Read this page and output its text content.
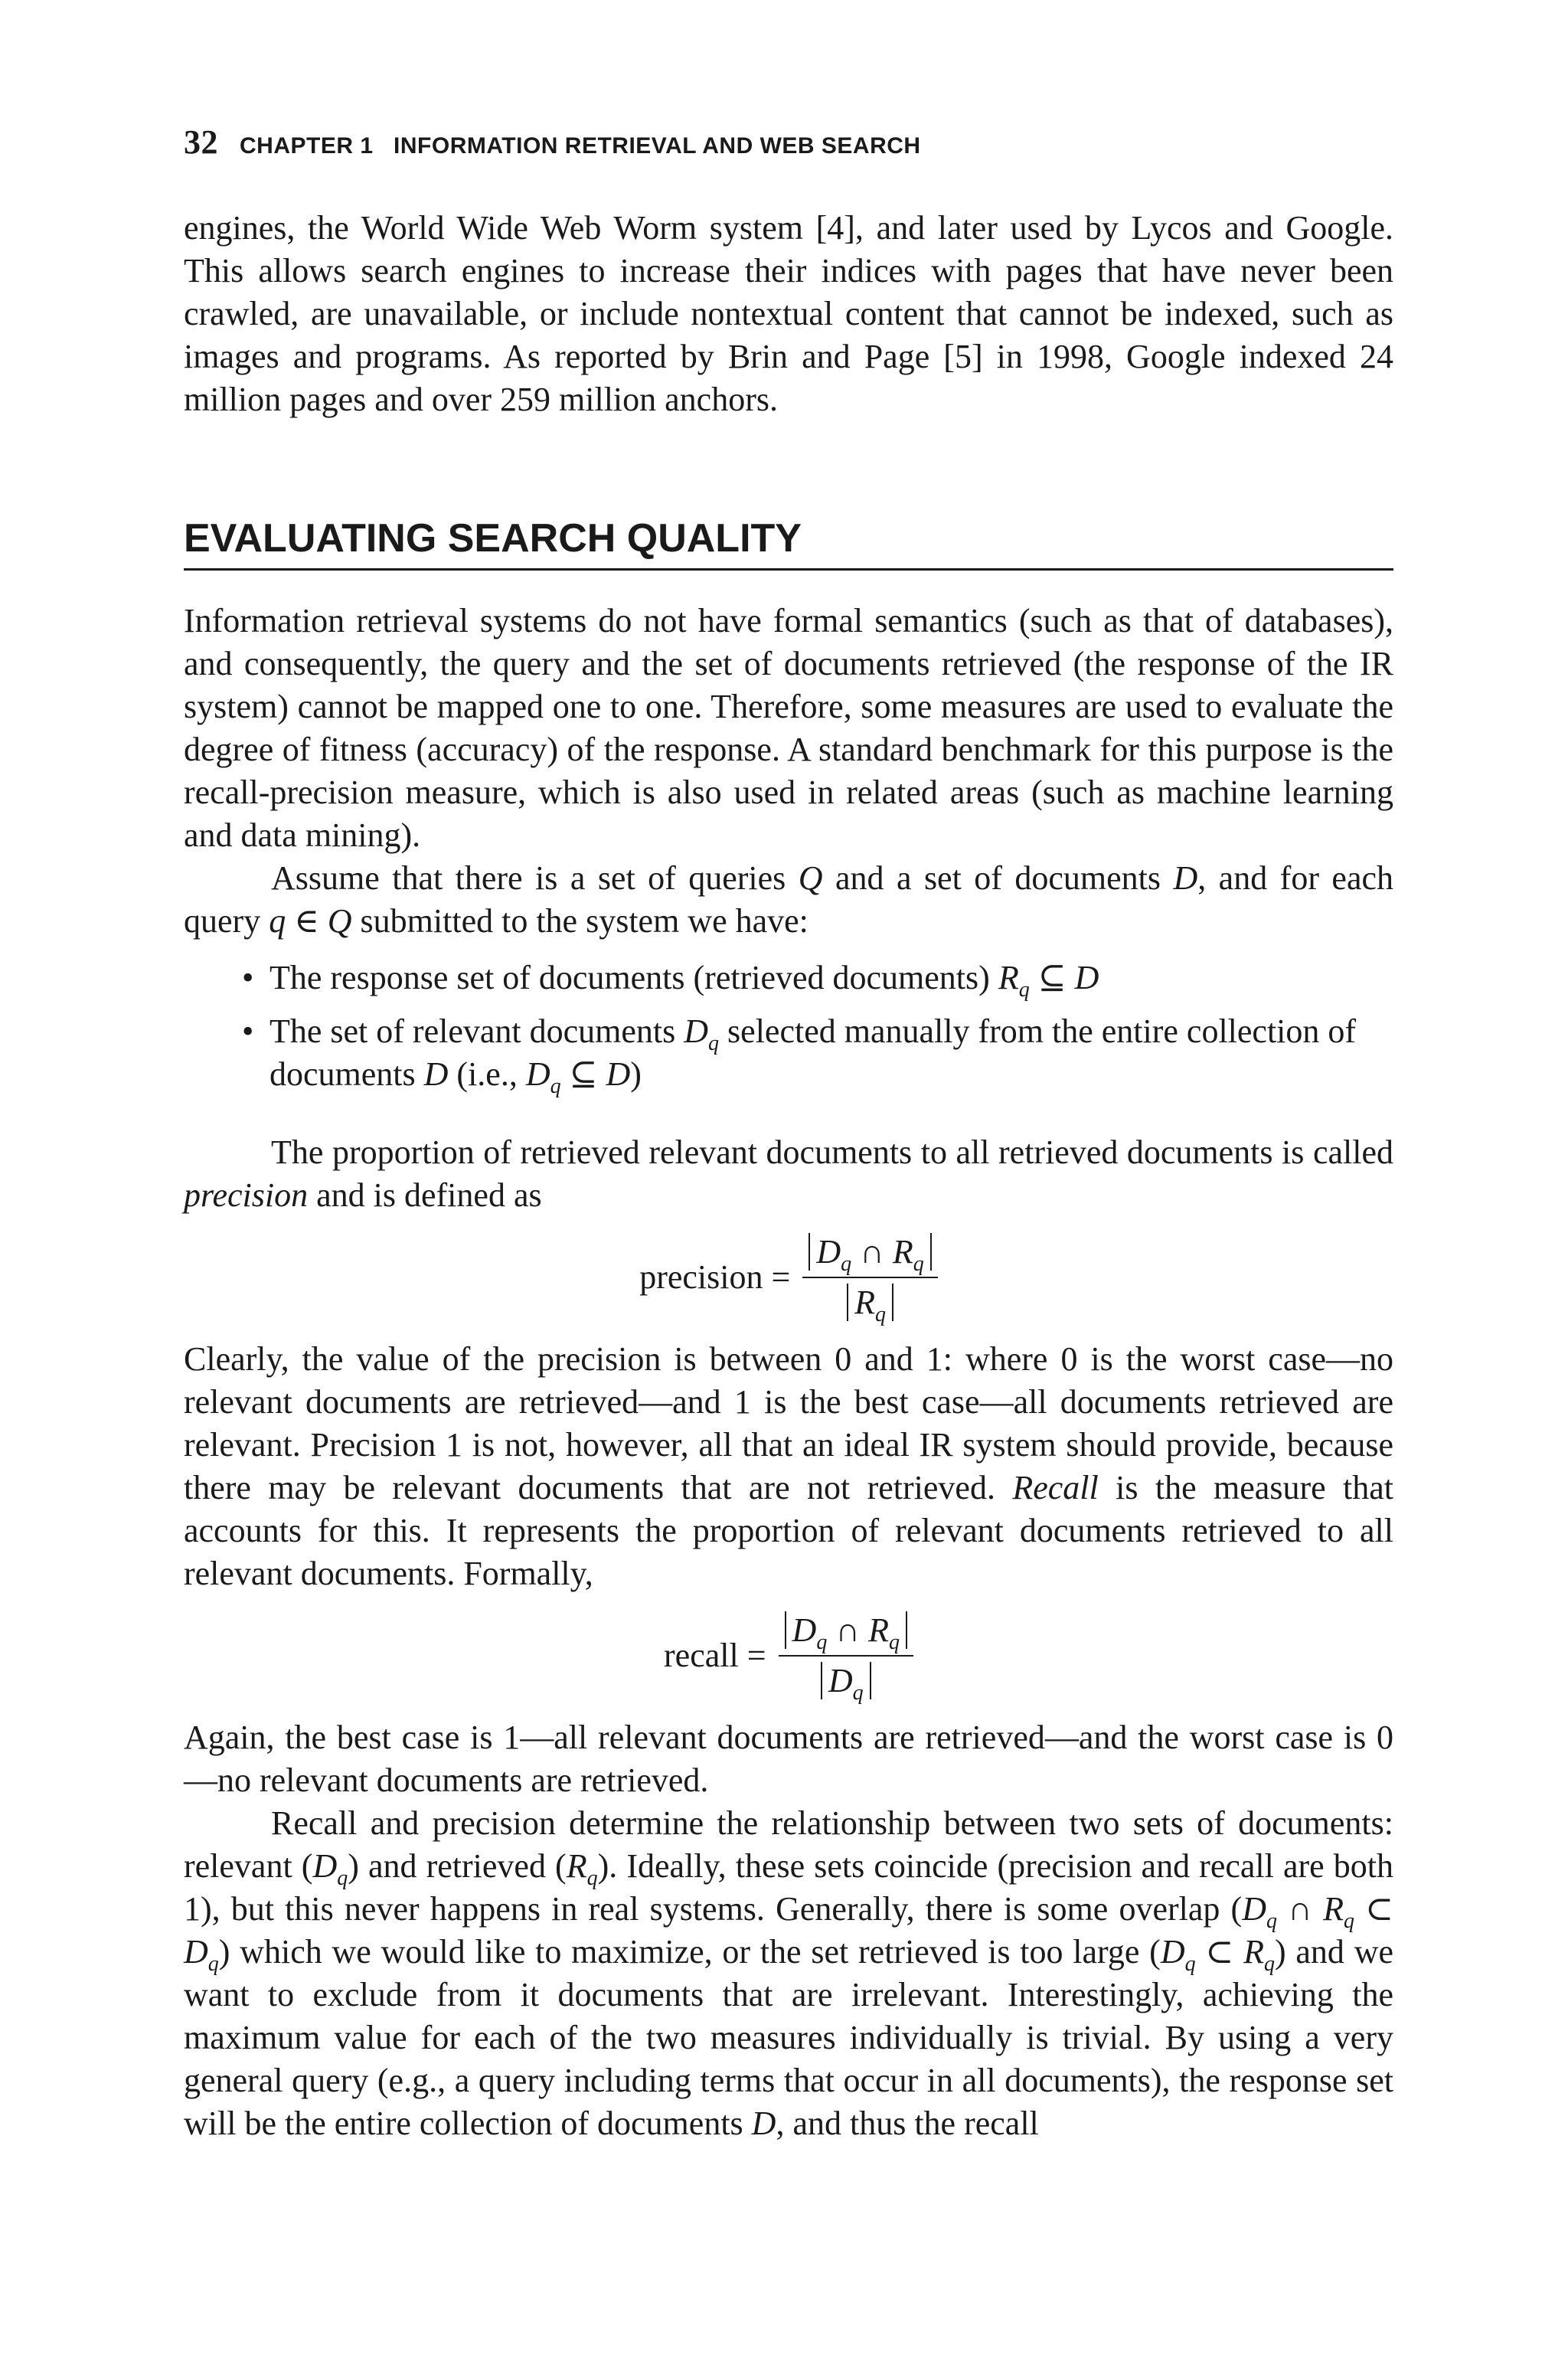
32 CHAPTER 1   INFORMATION RETRIEVAL AND WEB SEARCH

engines, the World Wide Web Worm system [4], and later used by Lycos and Google. This allows search engines to increase their indices with pages that have never been crawled, are unavailable, or include nontextual content that cannot be indexed, such as images and programs. As reported by Brin and Page [5] in 1998, Google indexed 24 million pages and over 259 million anchors.

EVALUATING SEARCH QUALITY

Information retrieval systems do not have formal semantics (such as that of databases), and consequently, the query and the set of documents retrieved (the response of the IR system) cannot be mapped one to one. Therefore, some measures are used to evaluate the degree of fitness (accuracy) of the response. A standard benchmark for this purpose is the recall-precision measure, which is also used in related areas (such as machine learning and data mining).

Assume that there is a set of queries Q and a set of documents D, and for each query q ∈ Q submitted to the system we have:

• The response set of documents (retrieved documents) $R_q$ ⊆ D
• The set of relevant documents $D_q$ selected manually from the entire collection of documents D (i.e., $D_q$ ⊆ D)

The proportion of retrieved relevant documents to all retrieved documents is called precision and is defined as

precision = $\frac{D_q \cap R_q}{R_q}$

Clearly, the value of the precision is between 0 and 1: where 0 is the worst case—no relevant documents are retrieved—and 1 is the best case—all documents retrieved are relevant. Precision 1 is not, however, all that an ideal IR system should provide, because there may be relevant documents that are not retrieved. Recall is the measure that accounts for this. It represents the proportion of relevant documents retrieved to all relevant documents. Formally,

recall = $\frac{D_q \cap R_q}{D_q}$

Again, the best case is 1—all relevant documents are retrieved—and the worst case is 0—no relevant documents are retrieved.

Recall and precision determine the relationship between two sets of documents: relevant $(D_q)$ and retrieved $(R_q)$. Ideally, these sets coincide (precision and recall are both 1), but this never happens in real systems. Generally, there is some overlap ($D_q$ ∩ $R_q$ ⊂ $D_q$) which we would like to maximize, or the set retrieved is too large ($D_q$ ⊂ $R_q$) and we want to exclude from it documents that are irrelevant. Interestingly, achieving the maximum value for each of the two measures individually is trivial. By using a very general query (e.g., a query including terms that occur in all documents), the response set will be the entire collection of documents D, and thus the recall
